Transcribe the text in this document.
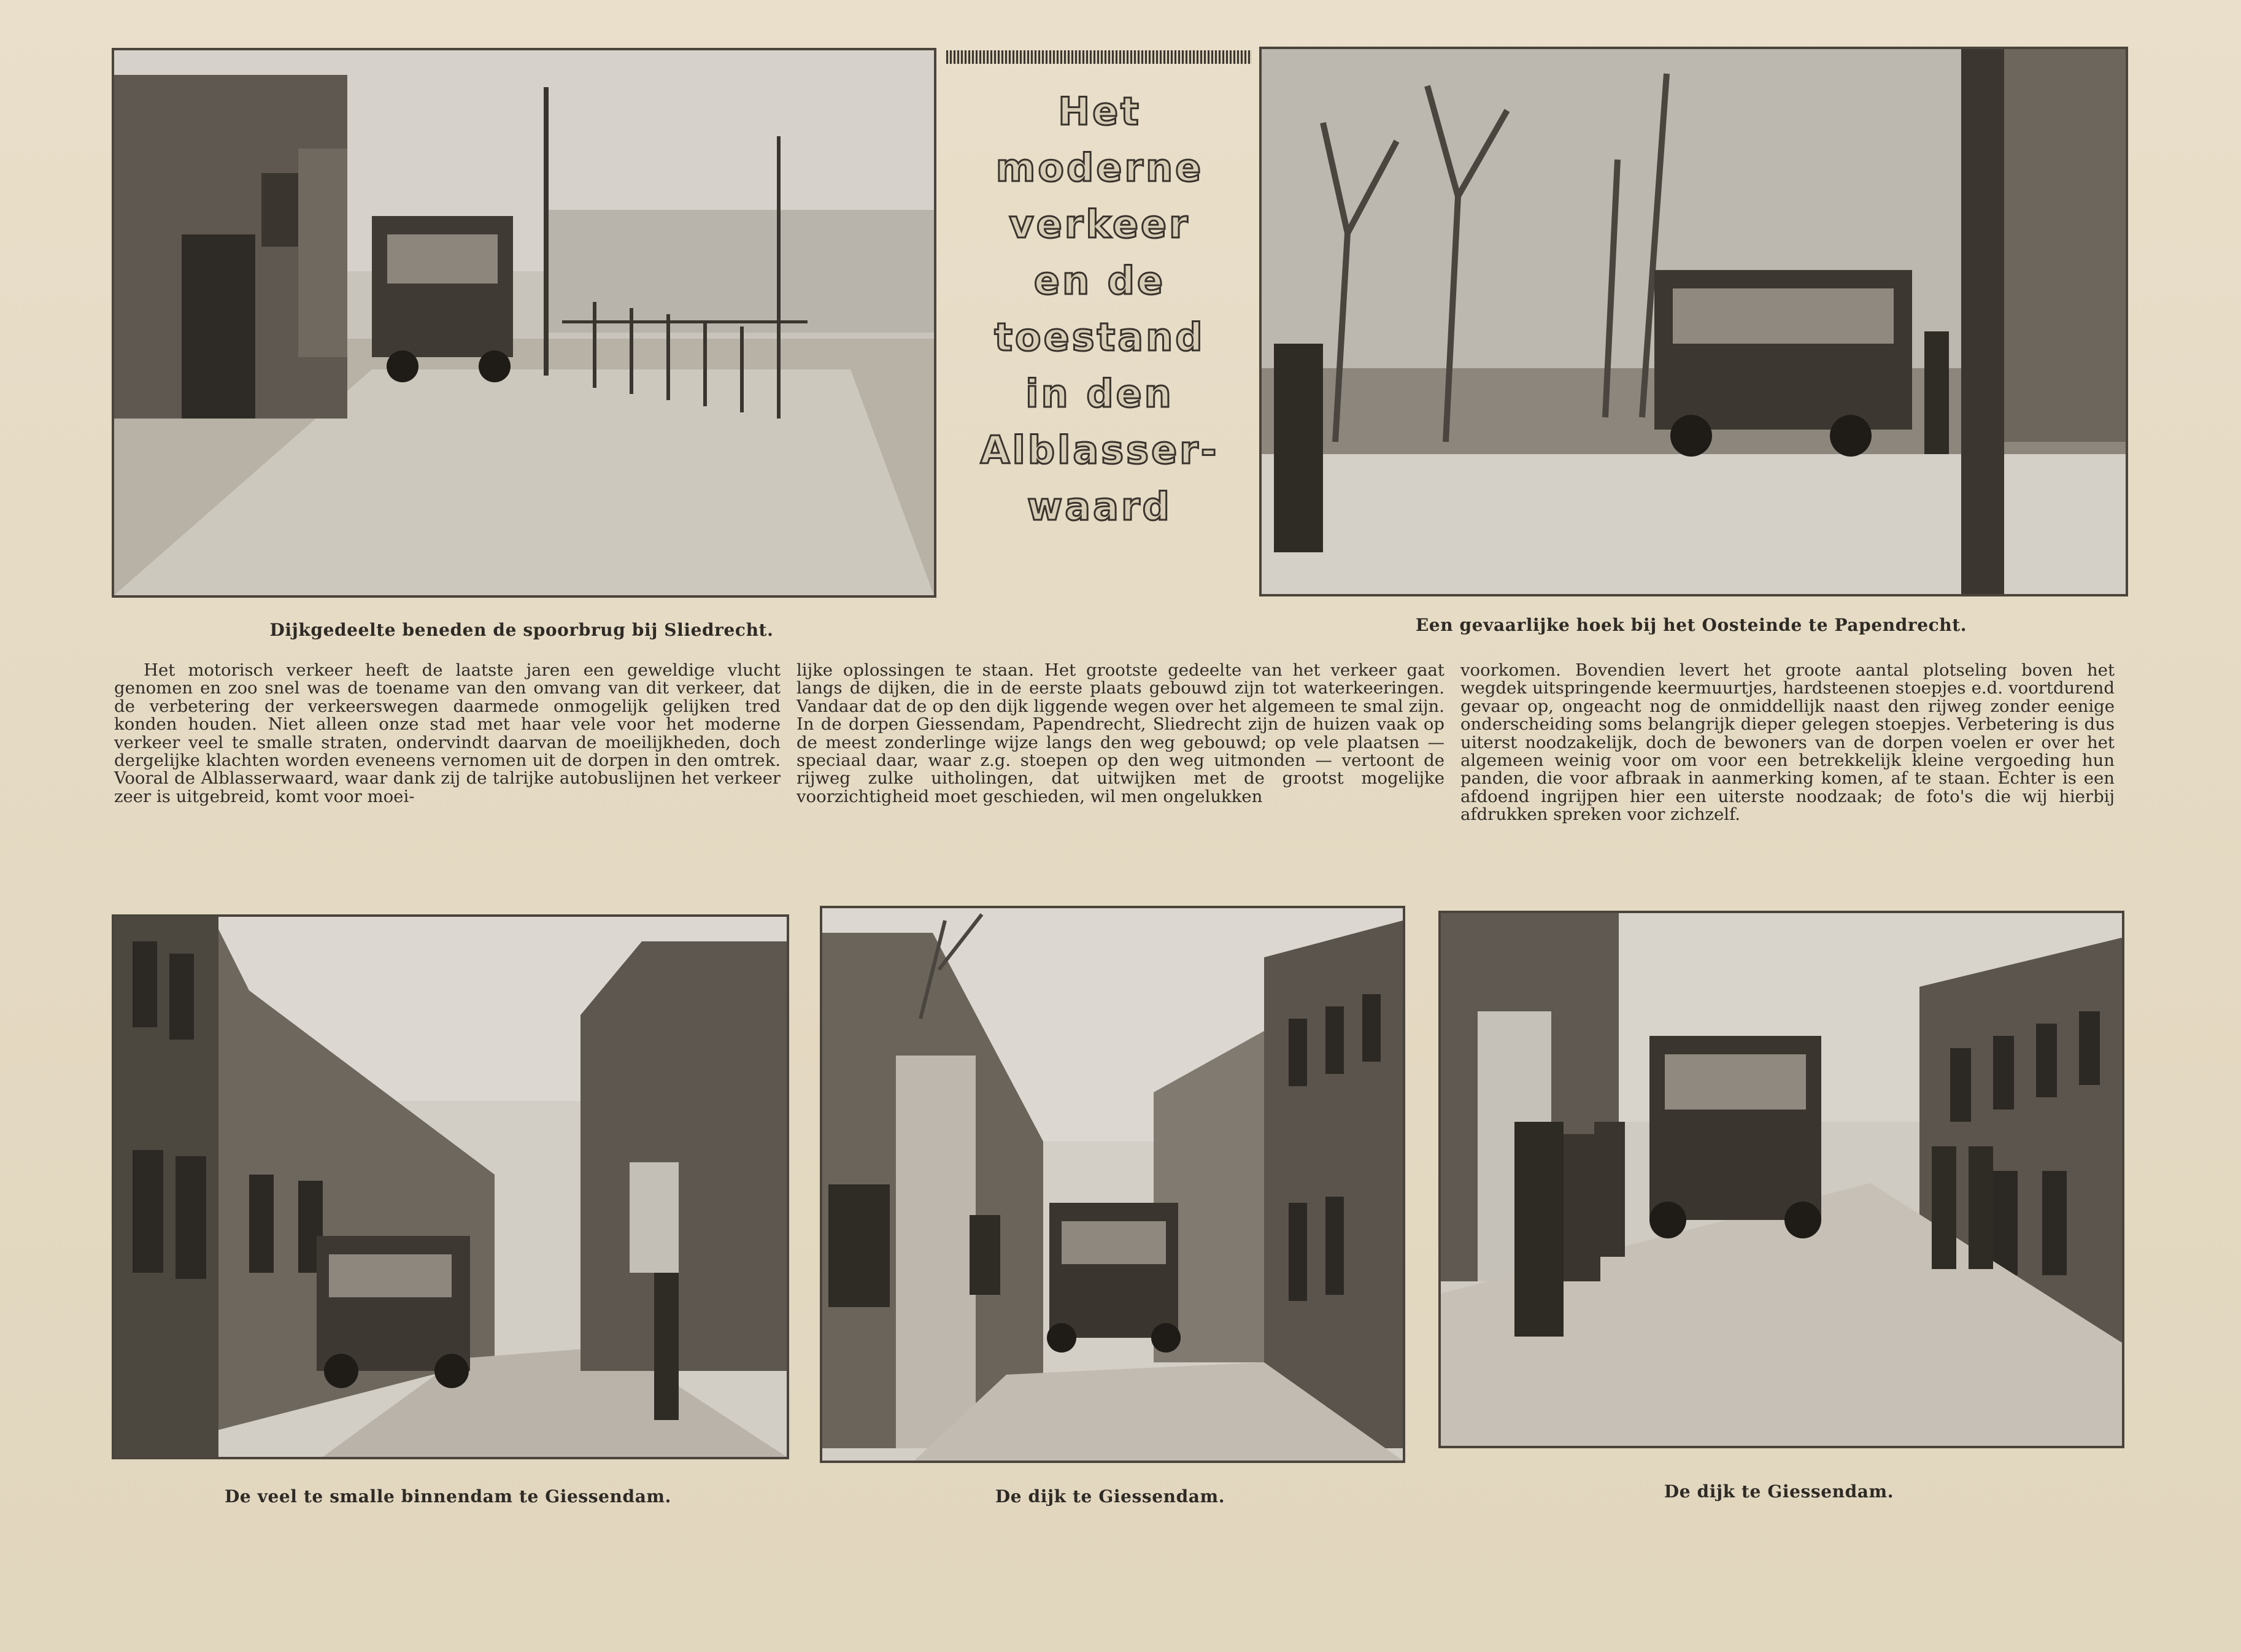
Het
moderne
verkeer
en de
toestand
in den
Alblasser-
waard
Dijkgedeelte beneden de spoorbrug bij Sliedrecht.	Een gevaarlijke hoek bij het Oosteinde te Papendrecht.

Het motorisch verkeer heeft de laatste jaren een geweldige vlucht genomen en zoo snel was de toename van den omvang van dit verkeer, dat de verbetering der verkeerswegen daarmede onmogelijk gelijken tred konden houden. Niet alleen onze stad met haar vele voor het moderne verkeer veel te smalle straten, ondervindt daarvan de moeilijkheden, doch dergelijke klachten worden eveneens vernomen uit de dorpen in den omtrek. Vooral de Alblasserwaard, waar dank zij de talrijke autobuslijnen het verkeer zeer is uitgebreid, komt voor moei-

lijke oplossingen te staan. Het grootste gedeelte van het verkeer gaat langs de dijken, die in de eerste plaats gebouwd zijn tot waterkeeringen. Vandaar dat de op den dijk liggende wegen over het algemeen te smal zijn. In de dorpen Giessendam, Papendrecht, Sliedrecht zijn de huizen vaak op de meest zonderlinge wijze langs den weg gebouwd; op vele plaatsen — speciaal daar, waar z.g. stoepen op den weg uitmonden — vertoont de rijweg zulke uitholingen, dat uitwijken met de grootst mogelijke voorzichtigheid moet geschieden, wil men ongelukken

voorkomen. Bovendien levert het groote aantal plotseling boven het wegdek uitspringende keermuurtjes, hardsteenen stoepjes e.d. voortdurend gevaar op, ongeacht nog de onmiddellijk naast den rijweg zonder eenige onderscheiding soms belangrijk dieper gelegen stoepjes. Verbetering is dus uiterst noodzakelijk, doch de bewoners van de dorpen voelen er over het algemeen weinig voor om voor een betrekkelijk kleine vergoeding hun panden, die voor afbraak in aanmerking komen, af te staan. Echter is een afdoend ingrijpen hier een uiterste noodzaak; de foto's die wij hierbij afdrukken spreken voor zichzelf.

De veel te smalle binnendam te Giessendam.	De dijk te Giessendam.	De dijk te Giessendam.
